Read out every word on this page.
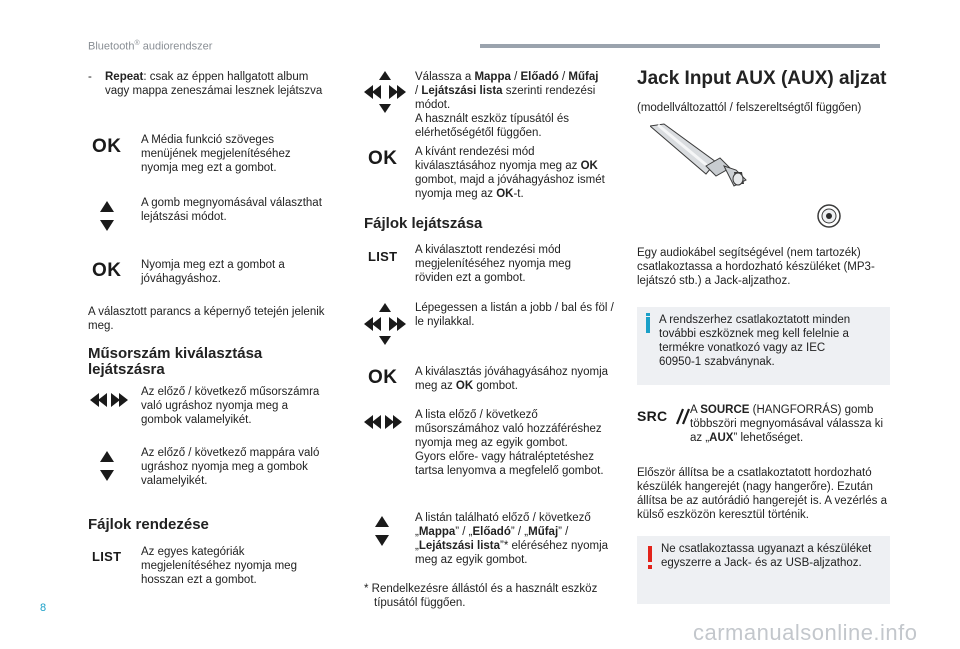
Bluetooth® audiorendszer
-	Repeat: csak az éppen hallgatott album
vagy mappa zeneszámai lesznek lejátszva
OK A Média funkció szöveges menüjének megjelenítéséhez nyomja meg ezt a gombot.
A gomb megnyomásával választhat lejátszási módot.
OK Nyomja meg ezt a gombot a jóváhagyáshoz.
A választott parancs a képernyő tetején jelenik meg.
Műsorszám kiválasztása lejátszásra
Az előző / következő műsorszámra való ugráshoz nyomja meg a gombok valamelyikét.
Az előző / következő mappára való ugráshoz nyomja meg a gombok valamelyikét.
Fájlok rendezése
LIST Az egyes kategóriák megjelenítéséhez nyomja meg hosszan ezt a gombot.
Válassza a Mappa / Előadó / Műfaj
/ Lejátszási lista szerinti rendezési módot.
A használt eszköz típusától és elérhetőségétől függően.
OK A kívánt rendezési mód kiválasztásához nyomja meg az OK gombot, majd a jóváhagyáshoz ismét nyomja meg az OK-t.
Fájlok lejátszása
LIST A kiválasztott rendezési mód megjelenítéséhez nyomja meg röviden ezt a gombot.
Lépegessen a listán a jobb / bal és föl / le nyilakkal.
OK A kiválasztás jóváhagyásához nyomja meg az OK gombot.
A lista előző / következő műsorszámához való hozzáféréshez nyomja meg az egyik gombot.
Gyors előre- vagy hátraléptetéshez tartsa lenyomva a megfelelő gombot.
A listán található előző / következő „Mappa” / „Előadó” / „Műfaj” / „Lejátszási lista”* eléréséhez nyomja meg az egyik gombot.
* Rendelkezésre állástól és a használt eszköz típusától függően.
Jack Input AUX (AUX) aljzat
(modellváltozattól / felszereltségtől függően)
Egy audiokábel segítségével (nem tartozék) csatlakoztassa a hordozható készüléket (MP3-lejátszó stb.) a Jack-aljzathoz.
A rendszerhez csatlakoztatott minden további eszköznek meg kell felelnie a termékre vonatkozó vagy az IEC 60950-1 szabványnak.
SRC A SOURCE (HANGFORRÁS) gomb többszöri megnyomásával válassza ki az „AUX” lehetőséget.
Először állítsa be a csatlakoztatott hordozható készülék hangerejét (nagy hangerőre). Ezután állítsa be az autórádió hangerejét is. A vezérlés a külső eszközön keresztül történik.
Ne csatlakoztassa ugyanazt a készüléket egyszerre a Jack- és az USB-aljzathoz.
8
carmanualsonline.info
